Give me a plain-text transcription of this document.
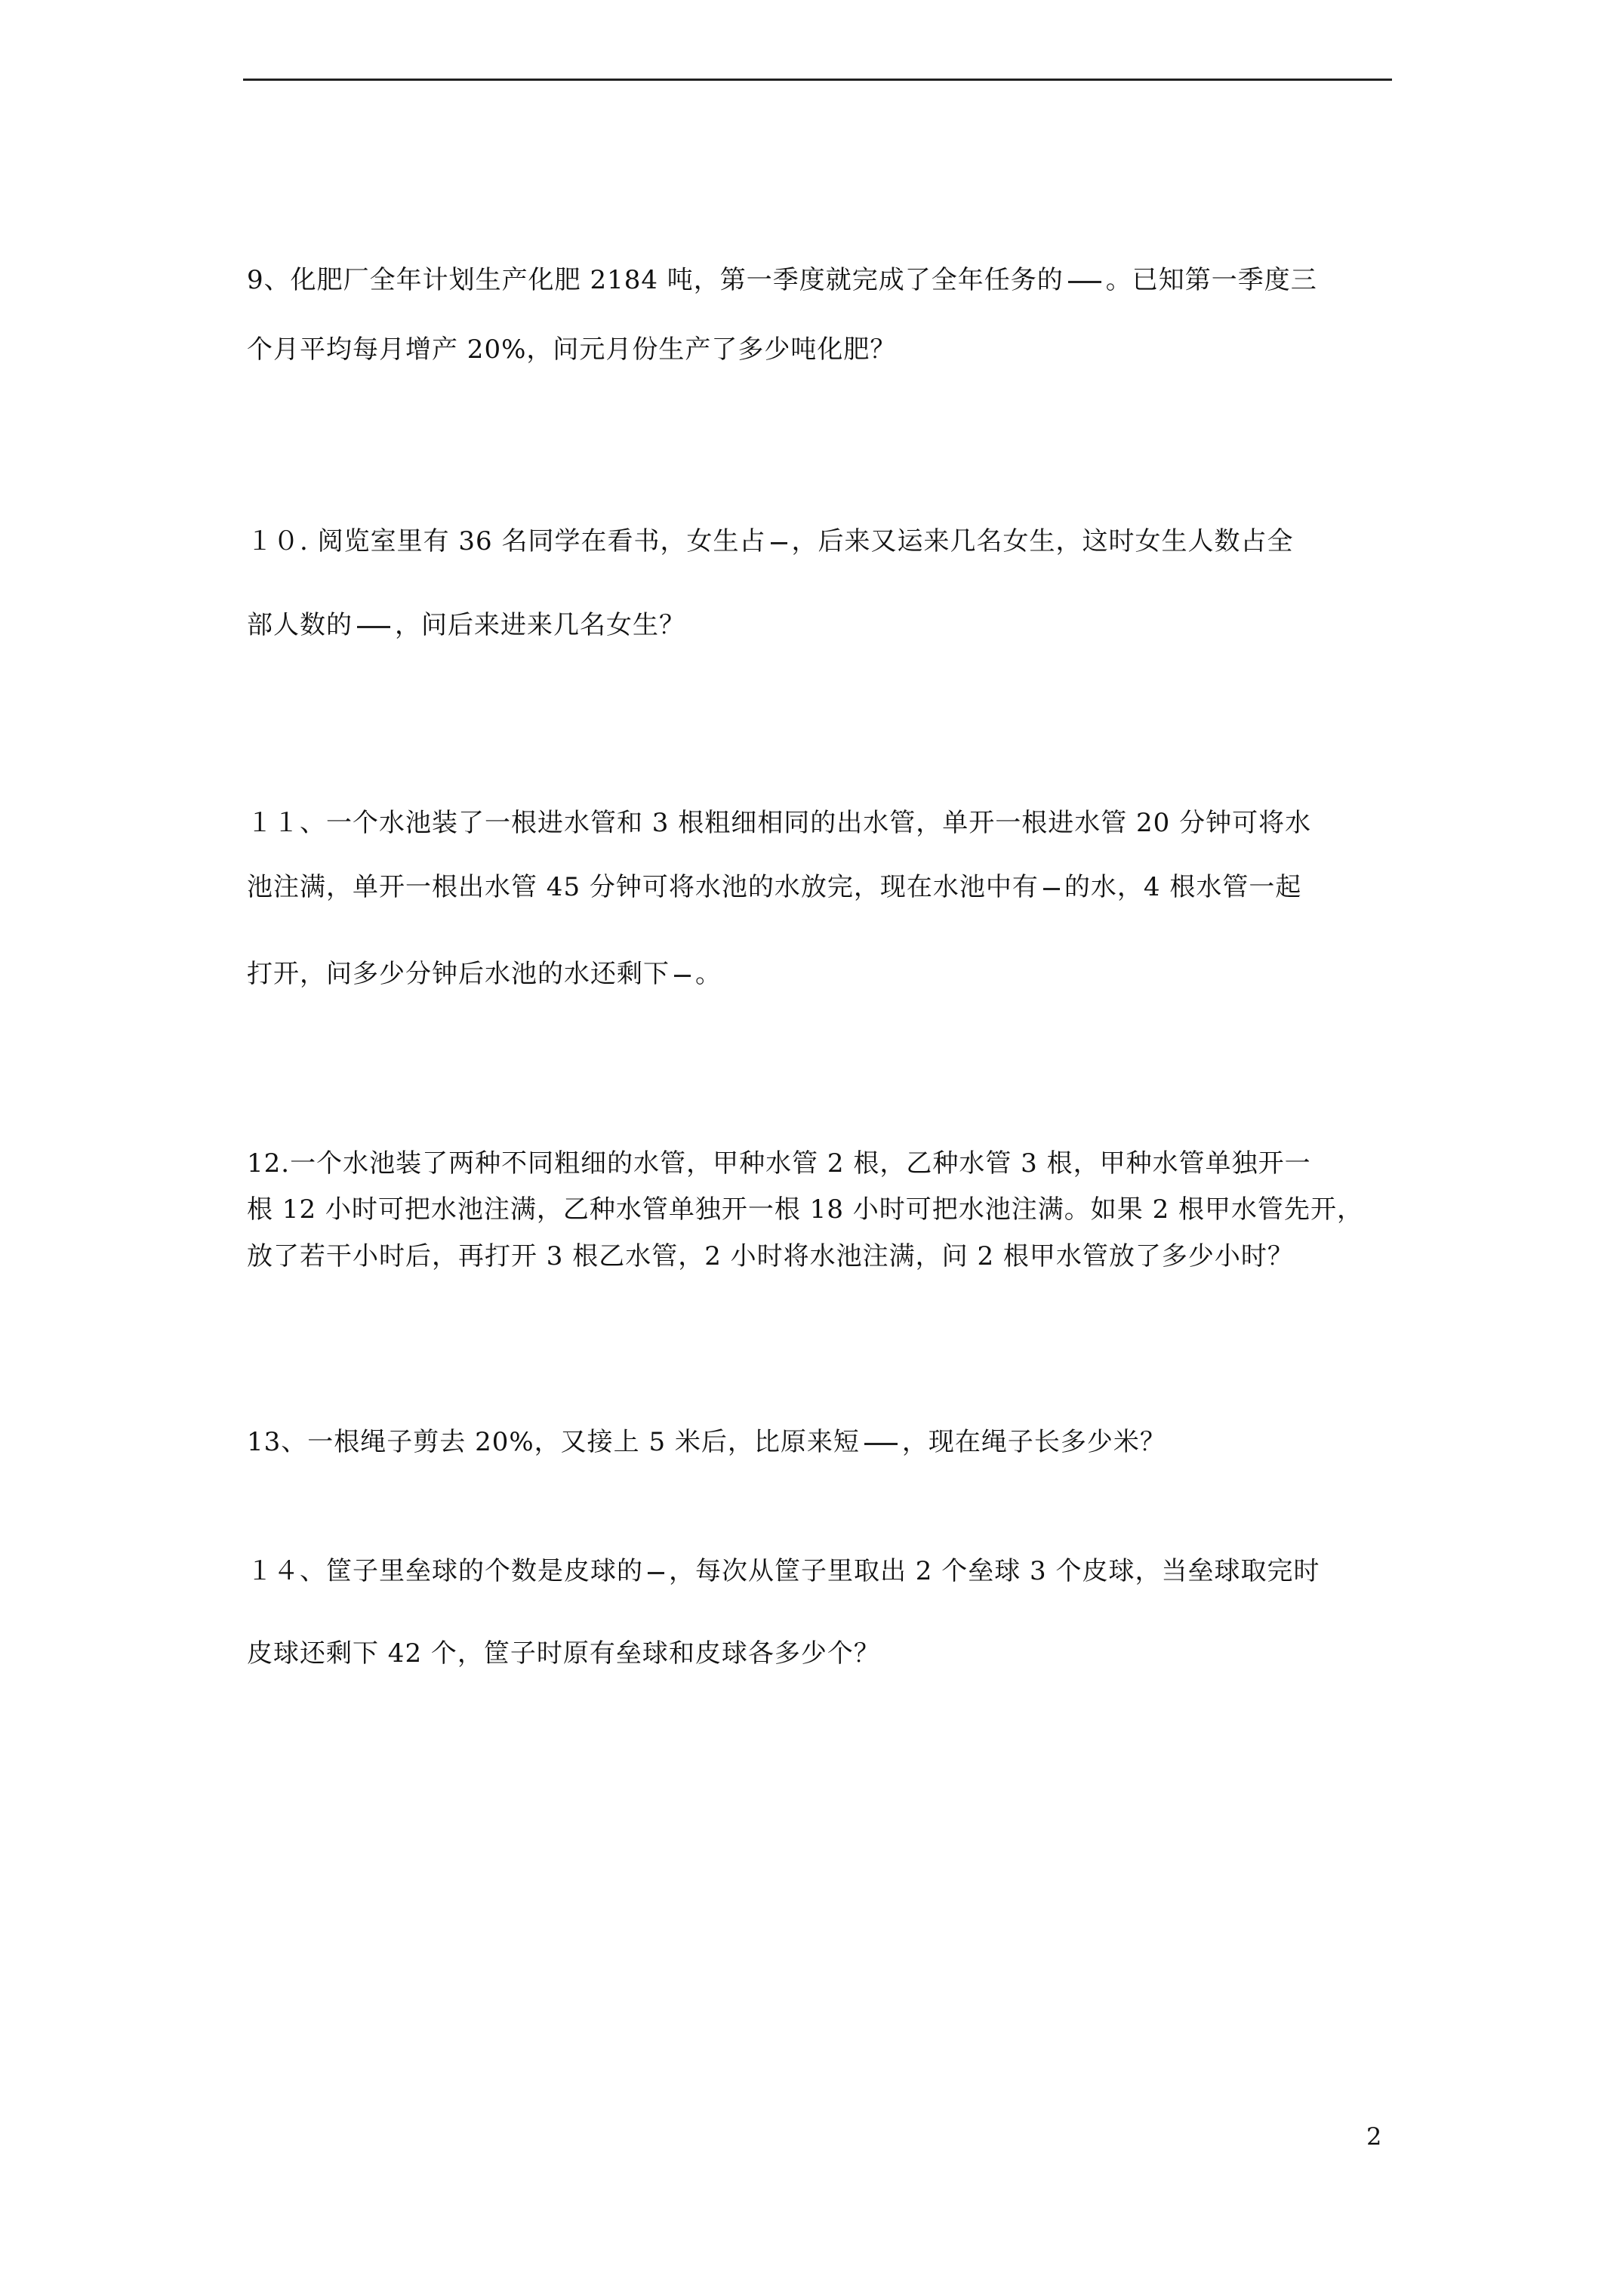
9、化肥厂全年计划生产化肥 2184 吨，第一季度就完成了全年任务的 。已知第一季度三
个月平均每月增产 20%，问元月份生产了多少吨化肥？
１０. 阅览室里有 36 名同学在看书，女生占 ，后来又运来几名女生，这时女生人数占全
部人数的 ，问后来进来几名女生？
１１、一个水池装了一根进水管和 3 根粗细相同的出水管，单开一根进水管 20 分钟可将水
池注满，单开一根出水管 45 分钟可将水池的水放完，现在水池中有 的水，4 根水管一起
打开，问多少分钟后水池的水还剩下 。
12.一个水池装了两种不同粗细的水管，甲种水管 2 根，乙种水管 3 根，甲种水管单独开一
根 12 小时可把水池注满，乙种水管单独开一根 18 小时可把水池注满。如果 2 根甲水管先开，
放了若干小时后，再打开 3 根乙水管，2 小时将水池注满，问 2 根甲水管放了多少小时？
13、一根绳子剪去 20%，又接上 5 米后，比原来短 ，现在绳子长多少米？
１４、筐子里垒球的个数是皮球的 ，每次从筐子里取出 2 个垒球 3 个皮球，当垒球取完时
皮球还剩下 42 个，筐子时原有垒球和皮球各多少个？
2
